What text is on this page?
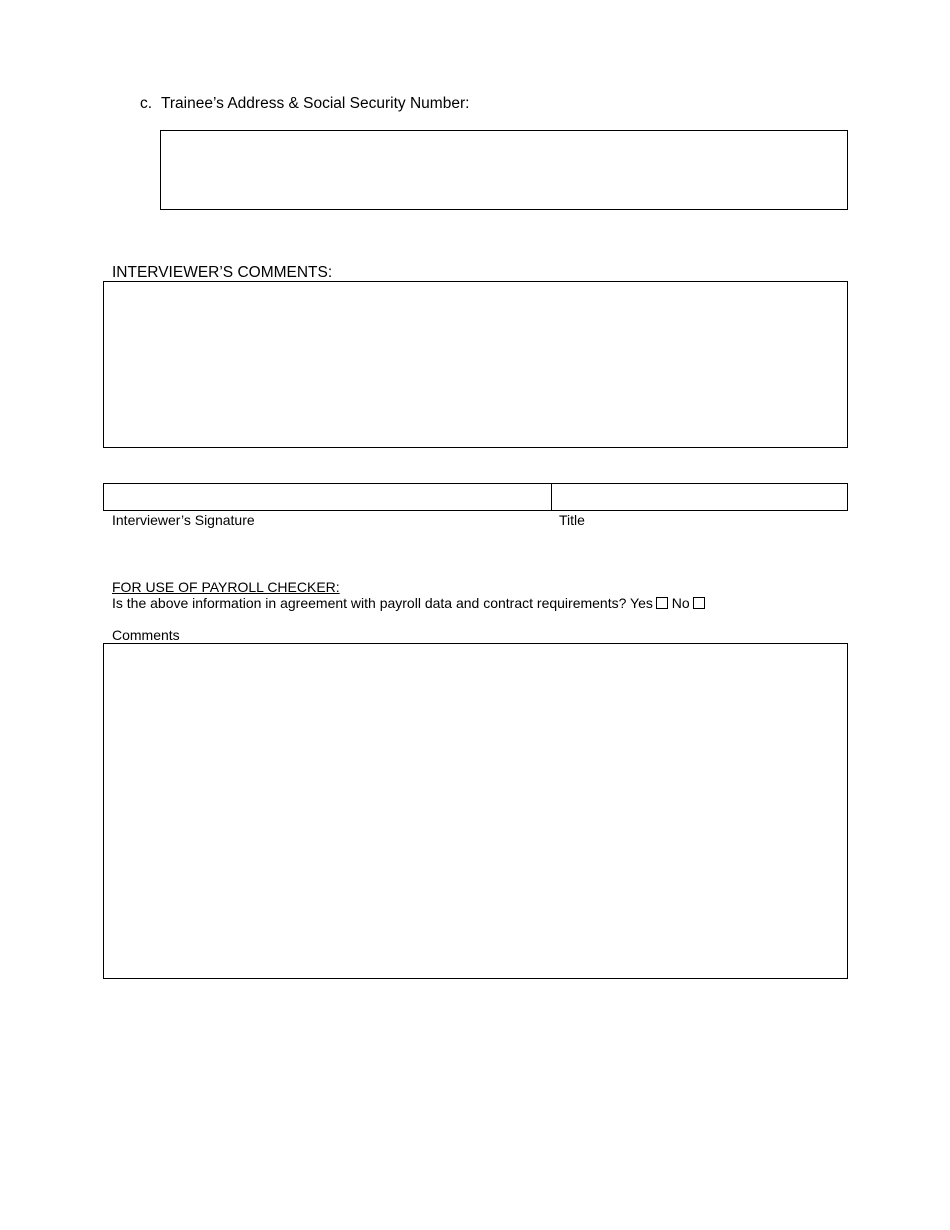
c. Trainee’s Address & Social Security Number:
INTERVIEWER’S COMMENTS:
Interviewer’s Signature	Title
FOR USE OF PAYROLL CHECKER:
Is the above information in agreement with payroll data and contract requirements? Yes No
Comments
